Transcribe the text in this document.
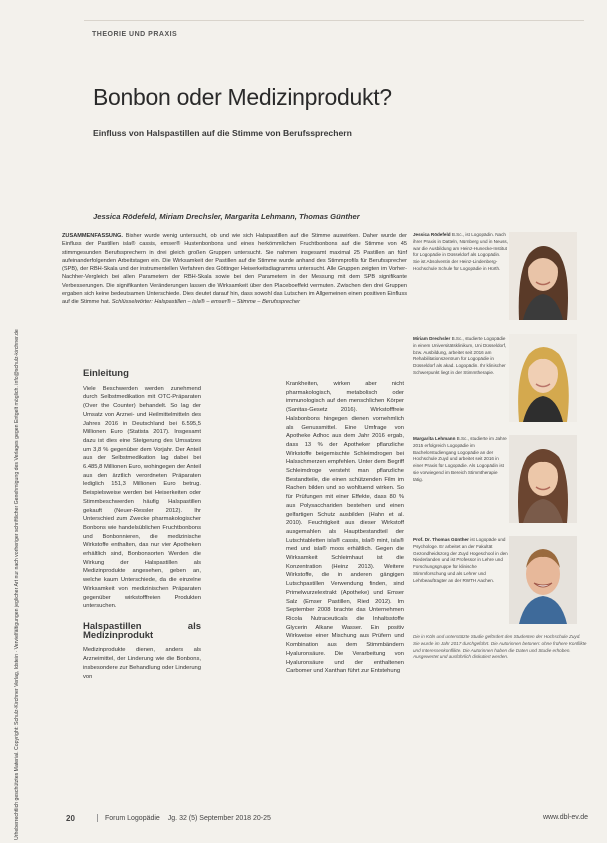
Urheberrechtlich geschütztes Material. Copyright: Schulz-Kirchner Verlag, Idstein · Vervielfältigungen jeglicher Art nur nach vorheriger schriftlicher Genehmigung des Verlages gegen Entgelt möglich. info@schulz-kirchner.de
THEORIE UND PRAXIS
Bonbon oder Medizinprodukt?
Einfluss von Halspastillen auf die Stimme von Berufssprechern
Jessica Rödefeld, Miriam Drechsler, Margarita Lehmann, Thomas Günther

ZUSAMMENFASSUNG. Bisher wurde wenig untersucht, ob und wie sich Halspastillen auf die Stimme auswirken. Daher wurde der Einfluss der Pastillen isla® cassis, emser® Hustenbonbons und eines herkömmlichen Fruchtbonbons auf die Stimme von 45 stimmgesunden Berufssprechern in drei gleich großen Gruppen untersucht. Sie nahmen insgesamt maximal 25 Pastillen an fünf aufeinanderfolgenden Arbeitstagen ein. Die Wirksamkeit der Pastillen auf die Stimme wurde anhand des Stimmprofils für Berufssprecher (SPB), der RBH-Skala und der instrumentellen Verfahren des Göttinger Heiserkeitsdiagramms untersucht. Alle Gruppen zeigten im Vorher-Nachher-Vergleich bei allen Parametern der RBH-Skala sowie bei den Parametern in der Messung mit dem SPB signifikante Verbesserungen. Die signifikanten Veränderungen lassen die Wirksamkeit über den Placeboeffekt vermuten. Zwischen den drei Gruppen ergaben sich keine bedeutsamen Unterschiede. Dies deutet darauf hin, dass sowohl das Lutschen im Allgemeinen einen positiven Einfluss auf die Stimme hat. Schlüsselwörter: Halspastillen – isla® – emser® – Stimme – Berufssprecher

Einleitung

Viele Beschwerden werden zunehmend durch Selbstmedikation mit OTC-Präparaten (Over the Counter) behandelt. So lag der Umsatz von Arznei- und Heilmittelmitteln des Jahres 2016 in Deutschland bei 6.595,5 Millionen Euro (Statista 2017). Insgesamt dazu ist dies eine Steigerung des Umsatzes um 3,8 % gegenüber dem Vorjahr. Der Anteil aus der Selbstmedikation lag dabei bei 6.485,8 Millionen Euro, wohingegen der Anteil aus den ärztlich verordneten Präparaten lediglich 151,3 Millionen Euro betrug. Beispielsweise werden bei Heiserkeiten oder Stimmbeschwerden häufig Halspastillen gekauft (Neuer-Ressler 2012). Ihr Unterschied zum Zwecke pharmakologischer Bonbons wie handelsüblichen Fruchtbonbons und Bonbonnieren, die medizinische Wirkstoffe enthalten, das nur vier Apotheken erhältlich sind, Bonbonsorten Werden die Wirkung der Halspastillen als Medizinprodukte angesehen, geben an, welche kaum Unterschiede, da die einzelne Wirksamkeit von medizinischen Präparaten gegenüber wirkstofffreien Produkten untersuchen.

Halspastillen als Medizinprodukt

Medizinprodukte dienen, anders als Arzneimittel, der Linderung wie die Bonbons, insbesondere zur Behandlung oder Linderung von

Krankheiten, wirken aber nicht pharmakologisch, metabolisch oder immunologisch auf den menschlichen Körper (Sanitas-Gesetz 2016). Wirkstofffreie Halsbonbons hingegen dienen vornehmlich als Genussmittel. Eine Umfrage von Apotheke Adhoc aus dem Jahr 2016 ergab, dass 13 % der Apotheker pflanzliche Wirkstoffe beigemischte Schleimdrogen bei Halsschmerzen empfehlen. Unter dem Begriff Schleimdroge versteht man pflanzliche Bestandteile, die einen schützenden Film im Rachen bilden und so wohltuend wirken. So für Prüfungen mit einer Effekte, dass 80 % aus Polysacchariden bestehen und einen gelfartigen Schutz ausbilden (Hahn et al. 2010). Feuchtigkeit aus dieser Wirkstoff ausgemahlen als Hauptbestandteil der Lutschtabletten isla® cassis, isla® mint, isla® med und isla® moos erhältlich. Gegen die Wirksamkeit Schleimhaut ist die Konzentration (Heinz 2013). Weitere Wirkstoffe, die in anderen gängigen Lutschpastillen Verwendung finden, sind Primelwurzelextrakt (Apotheke) und Emser Salz (Emser Pastillen, Ried 2012). Im September 2008 brachte das Unternehmen Ricola Nutraceuticals die Inhaltsstoffe Glycerin Alkane Wasser. Ein positiv Wirkweise einer Mischung aus Prüfern und Kombination aus dem Stimmbändern Hyaluronsäure. Die Verarbeitung von Hyaluronsäure und der enthaltenen Carbomer und Xanthan führt zur Entstehung

Jessica Rödefeld B.Sc., ist Logopädin. Nach ihrer Praxis in Datteln, Nürnberg und in Neuss, war die Ausbildung am Heinz-Hunecke-Institut für Logopädie in Düsseldorf als Logopädin. Sie ist Absolventin der Heinz-Lindenberg-Hochschule Schule für Logopädie in Hürth.
Miriam Drechsler B.Sc., studierte Logopädie in einem Universitätsklinikum, Uni Düsseldorf, bzw. Ausbildung, arbeitet seit 2016 am Rehabilitationszentrum für Logopädie in Düsseldorf als akad. Logopädin. Ihr klinischer Schwerpunkt liegt in der Stimmtherapie.
Margarita Lehmann B.Sc., studierte im Jahre 2015 erfolgreich Logopädie im Bachelorstudiengang Logopädie an der Hochschule Zuyd und arbeitet seit 2016 in einer Praxis für Logopädie. Als Logopädin ist sie vorwiegend im Bereich Stimmtherapie tätig.
Prof. Dr. Thomas Günther ist Logopäde und Psychologe. Er arbeitet an der Fakultät Gezondheidszorg der Zuyd Hogeschool in den Niederlanden und ist Professor in Lehre und Forschungsgruppe für klinische Stimmforschung und als Lehrer und Lehrbeauftragter an der RWTH Aachen.
Die in Köln und unterstützte Studie gefördert den Studenten der Hochschule Zuyd. Sie wurde im Jahr 2017 durchgeführt. Die Autorinnen betonen: ohne frühere Konflikte und Interessenkonflikte. Die Autorinnen haben die Daten und Studie erhoben. Ausgewertet und ausführlich diskutiert werden.
20	Forum Logopädie Jg. 32 (5) September 2018 20-25	www.dbl-ev.de
